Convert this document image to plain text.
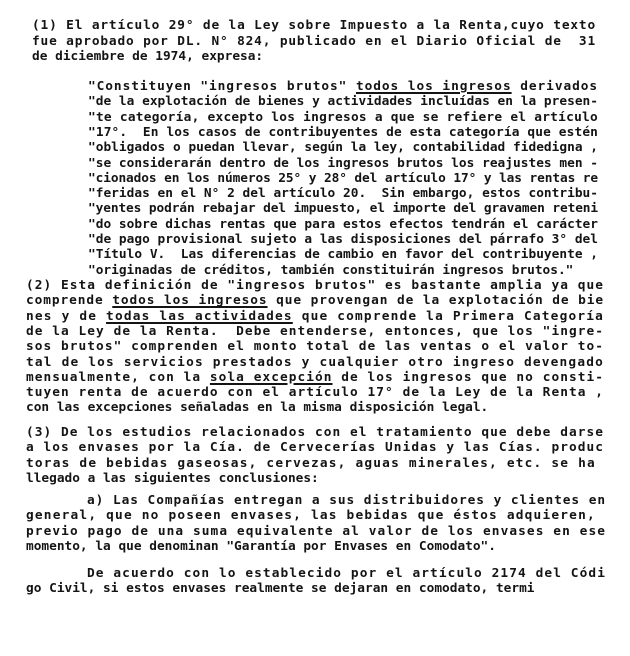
(1) El artículo 29° de la Ley sobre Impuesto a la Renta,cuyo texto
fue aprobado por DL. N° 824, publicado en el Diario Oficial de  31
de diciembre de 1974, expresa:
"Constituyen "ingresos brutos" todos los ingresos derivados
"de la explotación de bienes y actividades incluídas en la presen-
"te categoría, excepto los ingresos a que se refiere el artículo
"17°.  En los casos de contribuyentes de esta categoría que estén
"obligados o puedan llevar, según la ley, contabilidad fidedigna ,
"se considerarán dentro de los ingresos brutos los reajustes men -
"cionados en los números 25° y 28° del artículo 17° y las rentas re
"feridas en el N° 2 del artículo 20.  Sin embargo, estos contribu-
"yentes podrán rebajar del impuesto, el importe del gravamen reteni
"do sobre dichas rentas que para estos efectos tendrán el carácter
"de pago provisional sujeto a las disposiciones del párrafo 3° del
"Título V.  Las diferencias de cambio en favor del contribuyente ,
"originadas de créditos, también constituirán ingresos brutos."
(2) Esta definición de "ingresos brutos" es bastante amplia ya que
comprende todos los ingresos que provengan de la explotación de bie
nes y de todas las actividades que comprende la Primera Categoría
de la Ley de la Renta.  Debe entenderse, entonces, que los "ingre-
sos brutos" comprenden el monto total de las ventas o el valor to-
tal de los servicios prestados y cualquier otro ingreso devengado
mensualmente, con la sola excepción de los ingresos que no consti-
tuyen renta de acuerdo con el artículo 17° de la Ley de la Renta ,
con las excepciones señaladas en la misma disposición legal.
(3) De los estudios relacionados con el tratamiento que debe darse
a los envases por la Cía. de Cervecerías Unidas y las Cías. produc
toras de bebidas gaseosas, cervezas, aguas minerales, etc. se ha
llegado a las siguientes conclusiones:
a) Las Compañías entregan a sus distribuidores y clientes en
general, que no poseen envases, las bebidas que éstos adquieren,
previo pago de una suma equivalente al valor de los envases en ese
momento, la que denominan "Garantía por Envases en Comodato".
De acuerdo con lo establecido por el artículo 2174 del Códi
go Civil, si estos envases realmente se dejaran en comodato, termi
